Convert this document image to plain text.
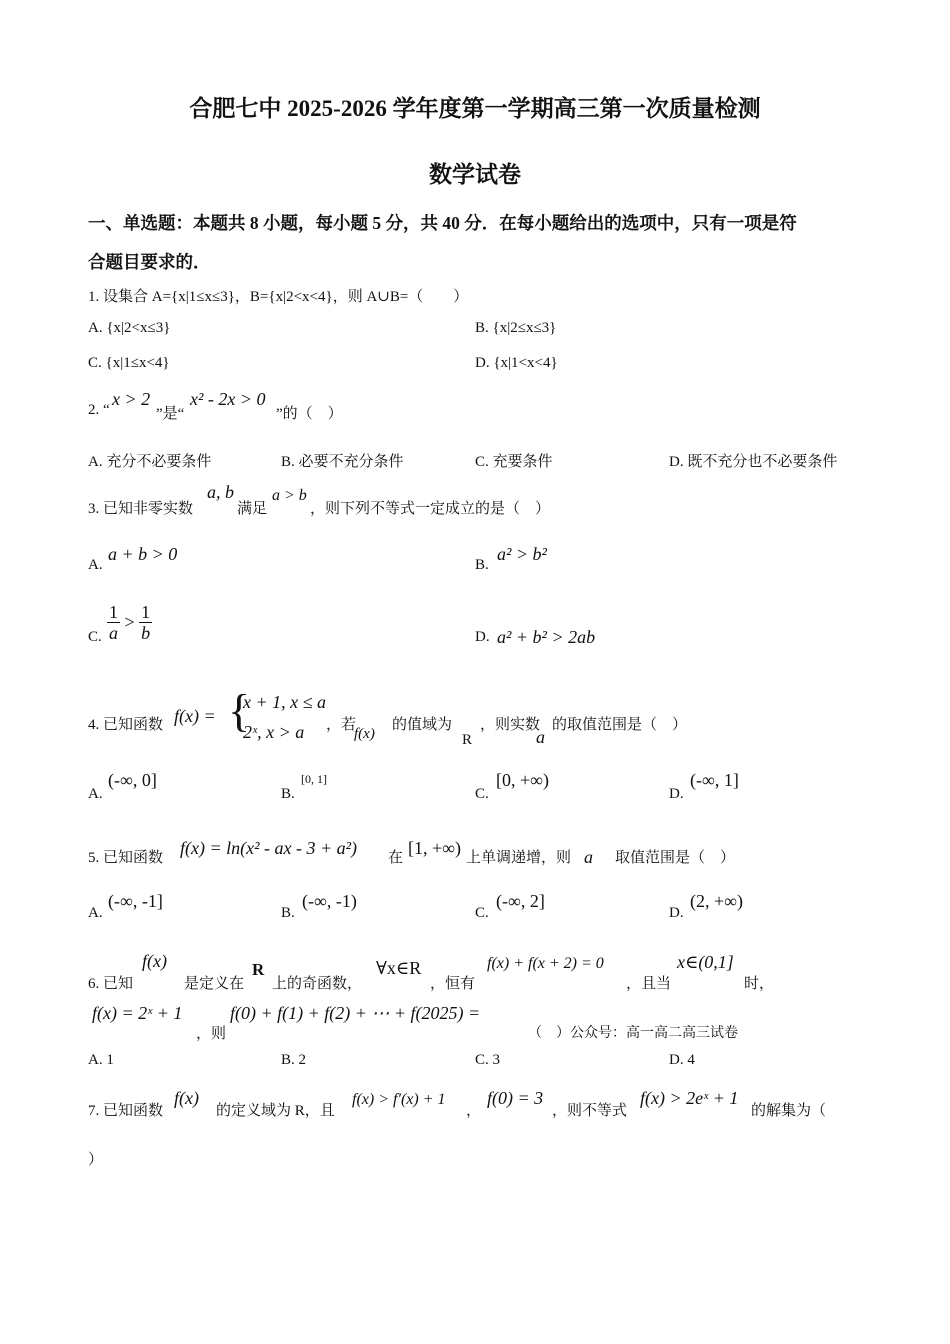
合肥七中 2025-2026 学年度第一学期高三第一次质量检测
数学试卷
一、单选题：本题共 8 小题，每小题 5 分，共 40 分．在每小题给出的选项中，只有一项是符
合题目要求的．
1. 设集合 A={x|1≤x≤3}，B={x|2<x<4}，则 A∪B=（　　）
A. {x|2<x≤3}	B. {x|2≤x≤3}
C. {x|1≤x<4}	D. {x|1<x<4}
2. “
x > 2
”是“
x² - 2x > 0
”的（　）
A. 充分不必要条件	B. 必要不充分条件	C. 充要条件	D. 既不充分也不必要条件
3. 已知非零实数
a, b
满足
a > b
，则下列不等式一定成立的是（　）
A.
a + b > 0
B.
a² > b²
C. $\frac{1}{a} > \frac{1}{b}$	D. a² + b² > 2ab
4. 已知函数 f(x) = {
x + 1, x ≤ a
2ˣ, x > a ，若
f(x)
的值域为
R
，则实数
a
的取值范围是（　）
A.
(-∞, 0]
B.
[0, 1]
C.
[0, +∞)
D.
(-∞, 1]
5. 已知函数 f(x) = ln(x² - ax - 3 + a²) 在 [1, +∞) 上单调递增，则 a 取值范围是（　）
A.
(-∞, -1]
B.
(-∞, -1)
C.
(-∞, 2]
D.
(2, +∞)
6. 已知
f(x)
是定义在
R
上的奇函数，
∀x∈R
，恒有
f(x) + f(x + 2) = 0
，且当
x∈(0,1]
时，
f(x) = 2ˣ + 1
，则
f(0) + f(1) + f(2) + ⋯ + f(2025) =
（　）公众号：高一高二高三试卷
A. 1	B. 2	C. 3	D. 4
7. 已知函数
f(x)
的定义域为 R，且
f(x) > f′(x) + 1
，
f(0) = 3
，则不等式
f(x) > 2eˣ + 1
的解集为（
）
